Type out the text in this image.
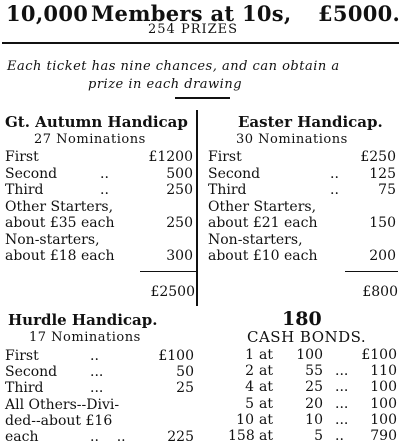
10,000 Members at 10s, £5000.
254 PRIZES
Each ticket has nine chances, and can obtain a
prize in each drawing
Gt. Autumn Handicap
27 Nominations
First	£1200
Second	..	500
Third	..	250
Other Starters,
about £35 each	250
Non-starters,
about £18 each	300
£2500
Easter Handicap.
30 Nominations
First	£250
Second	..	125
Third	..	75
Other Starters,
about £21 each	150
Non-starters,
about £10 each	200
£800
Hurdle Handicap.
17 Nominations
First	..	£100
Second ...	50
Third	...	25
All Others--Divi-
ded--about £16
each	..    ..	225
180
CASH BONDS.
1 at	100	£100
2 at	55 ...	110
4 at	25 ...	100
5 at	20 ...	100
10 at	10 ...	100
158 at	5 ..	790
